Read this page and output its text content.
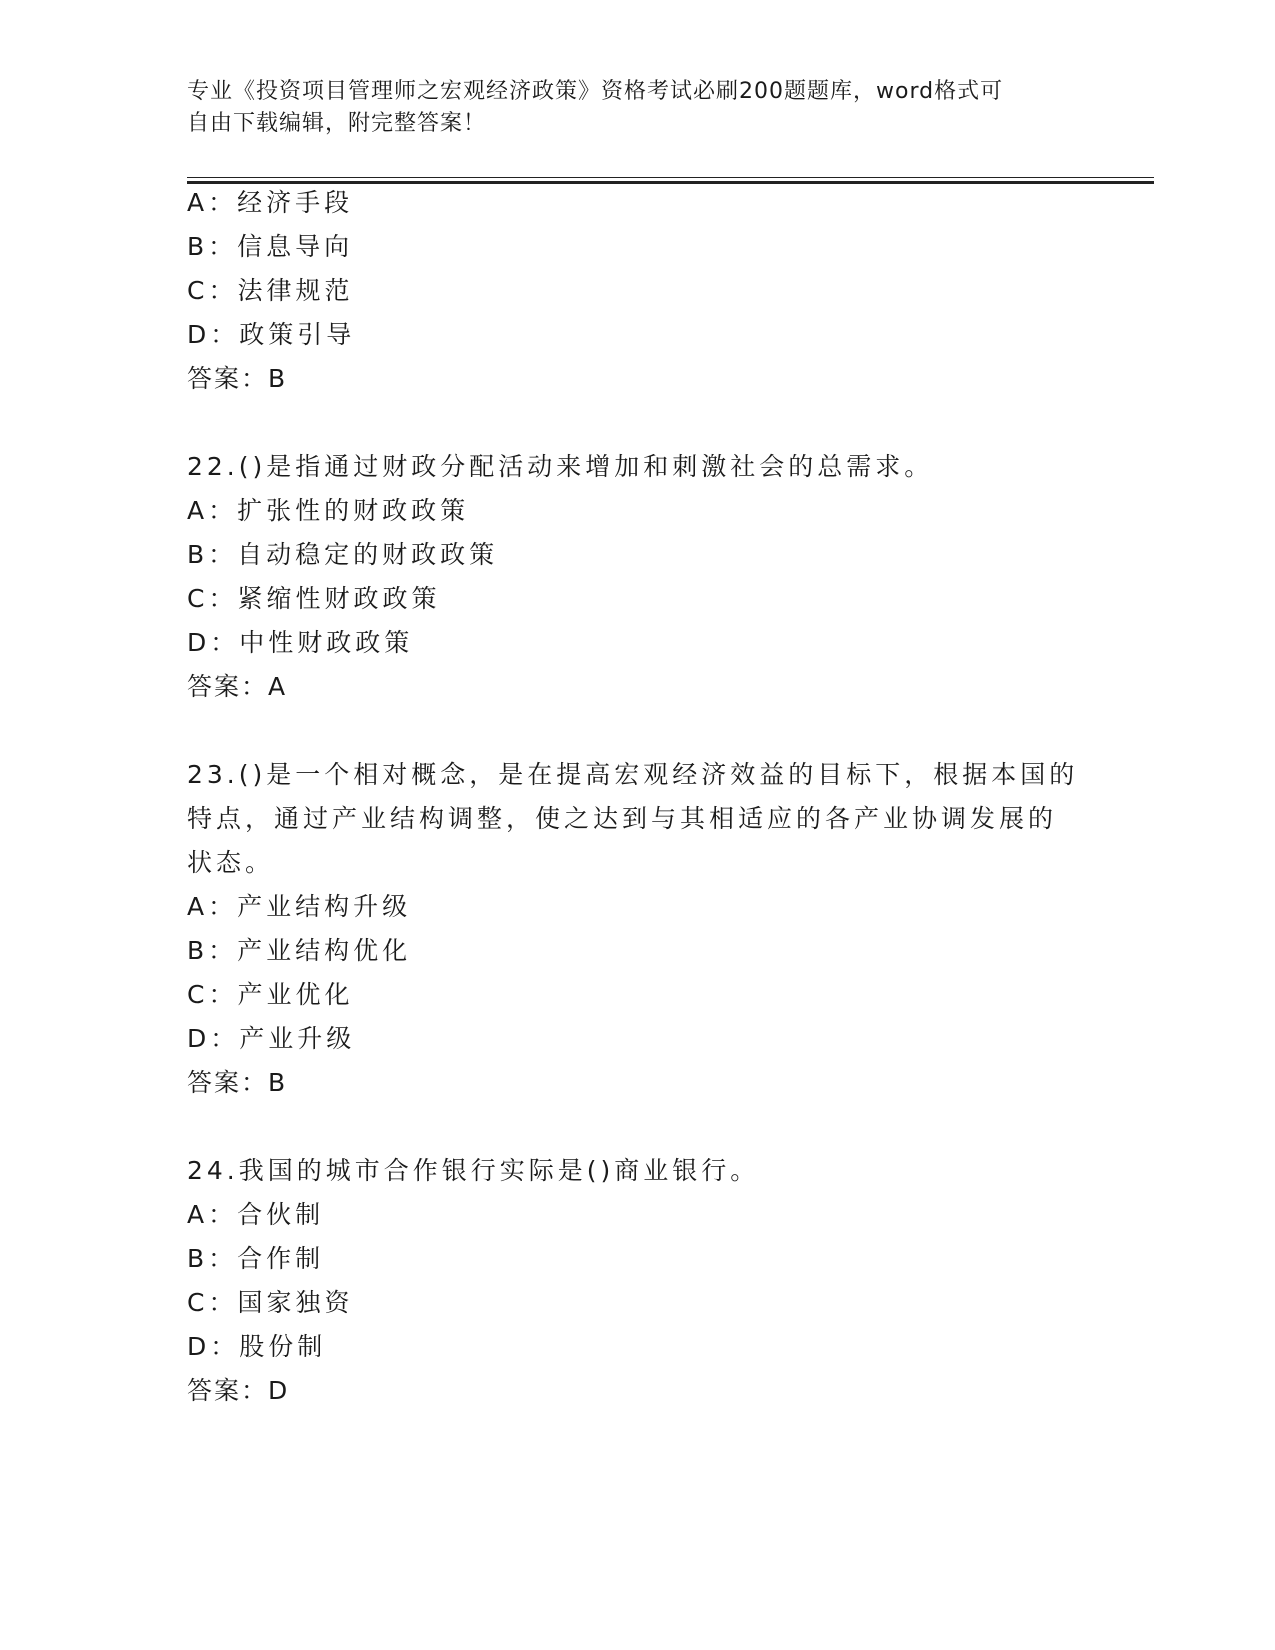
专业《投资项目管理师之宏观经济政策》资格考试必刷200题题库，word格式可
自由下载编辑，附完整答案！
A：经济手段
B：信息导向
C：法律规范
D：政策引导
答案：B
22.()是指通过财政分配活动来增加和刺激社会的总需求。
A：扩张性的财政政策
B：自动稳定的财政政策
C：紧缩性财政政策
D：中性财政政策
答案：A
23.()是一个相对概念，是在提高宏观经济效益的目标下，根据本国的
特点，通过产业结构调整，使之达到与其相适应的各产业协调发展的
状态。
A：产业结构升级
B：产业结构优化
C：产业优化
D：产业升级
答案：B
24.我国的城市合作银行实际是()商业银行。
A：合伙制
B：合作制
C：国家独资
D：股份制
答案：D
